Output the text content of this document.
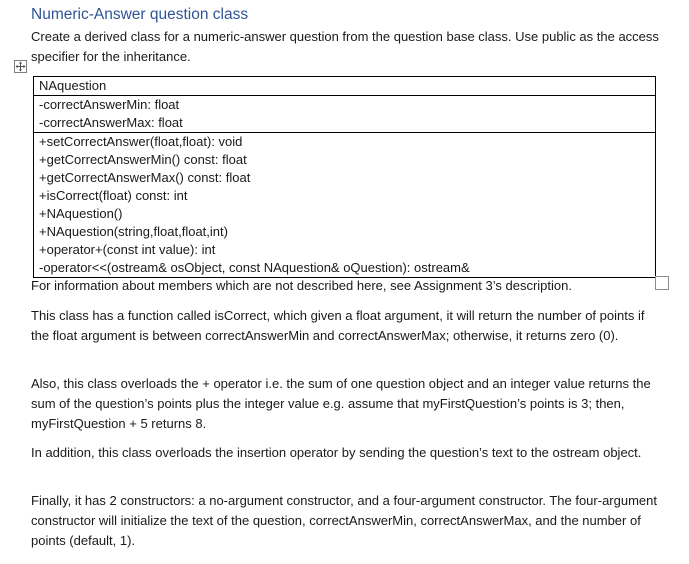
Numeric-Answer question class
Create a derived class for a numeric-answer question from the question base class. Use public as the access specifier for the inheritance.
NAquestion
-correctAnswerMin: float
-correctAnswerMax: float
+setCorrectAnswer(float,float): void
+getCorrectAnswerMin() const: float
+getCorrectAnswerMax() const: float
+isCorrect(float) const: int
+NAquestion()
+NAquestion(string,float,float,int)
+operator+(const int value): int
-operator<<(ostream& osObject, const NAquestion& oQuestion): ostream&
For information about members which are not described here, see Assignment 3’s description.
This class has a function called isCorrect, which given a float argument, it will return the number of points if the float argument is between correctAnswerMin and correctAnswerMax; otherwise, it returns zero (0).
Also, this class overloads the + operator i.e. the sum of one question object and an integer value returns the sum of the question’s points plus the integer value e.g. assume that myFirstQuestion’s points is 3; then, myFirstQuestion + 5 returns 8.
In addition, this class overloads the insertion operator by sending the question’s text to the ostream object.
Finally, it has 2 constructors: a no-argument constructor, and a four-argument constructor. The four-argument constructor will initialize the text of the question, correctAnswerMin, correctAnswerMax, and the number of points (default, 1).
